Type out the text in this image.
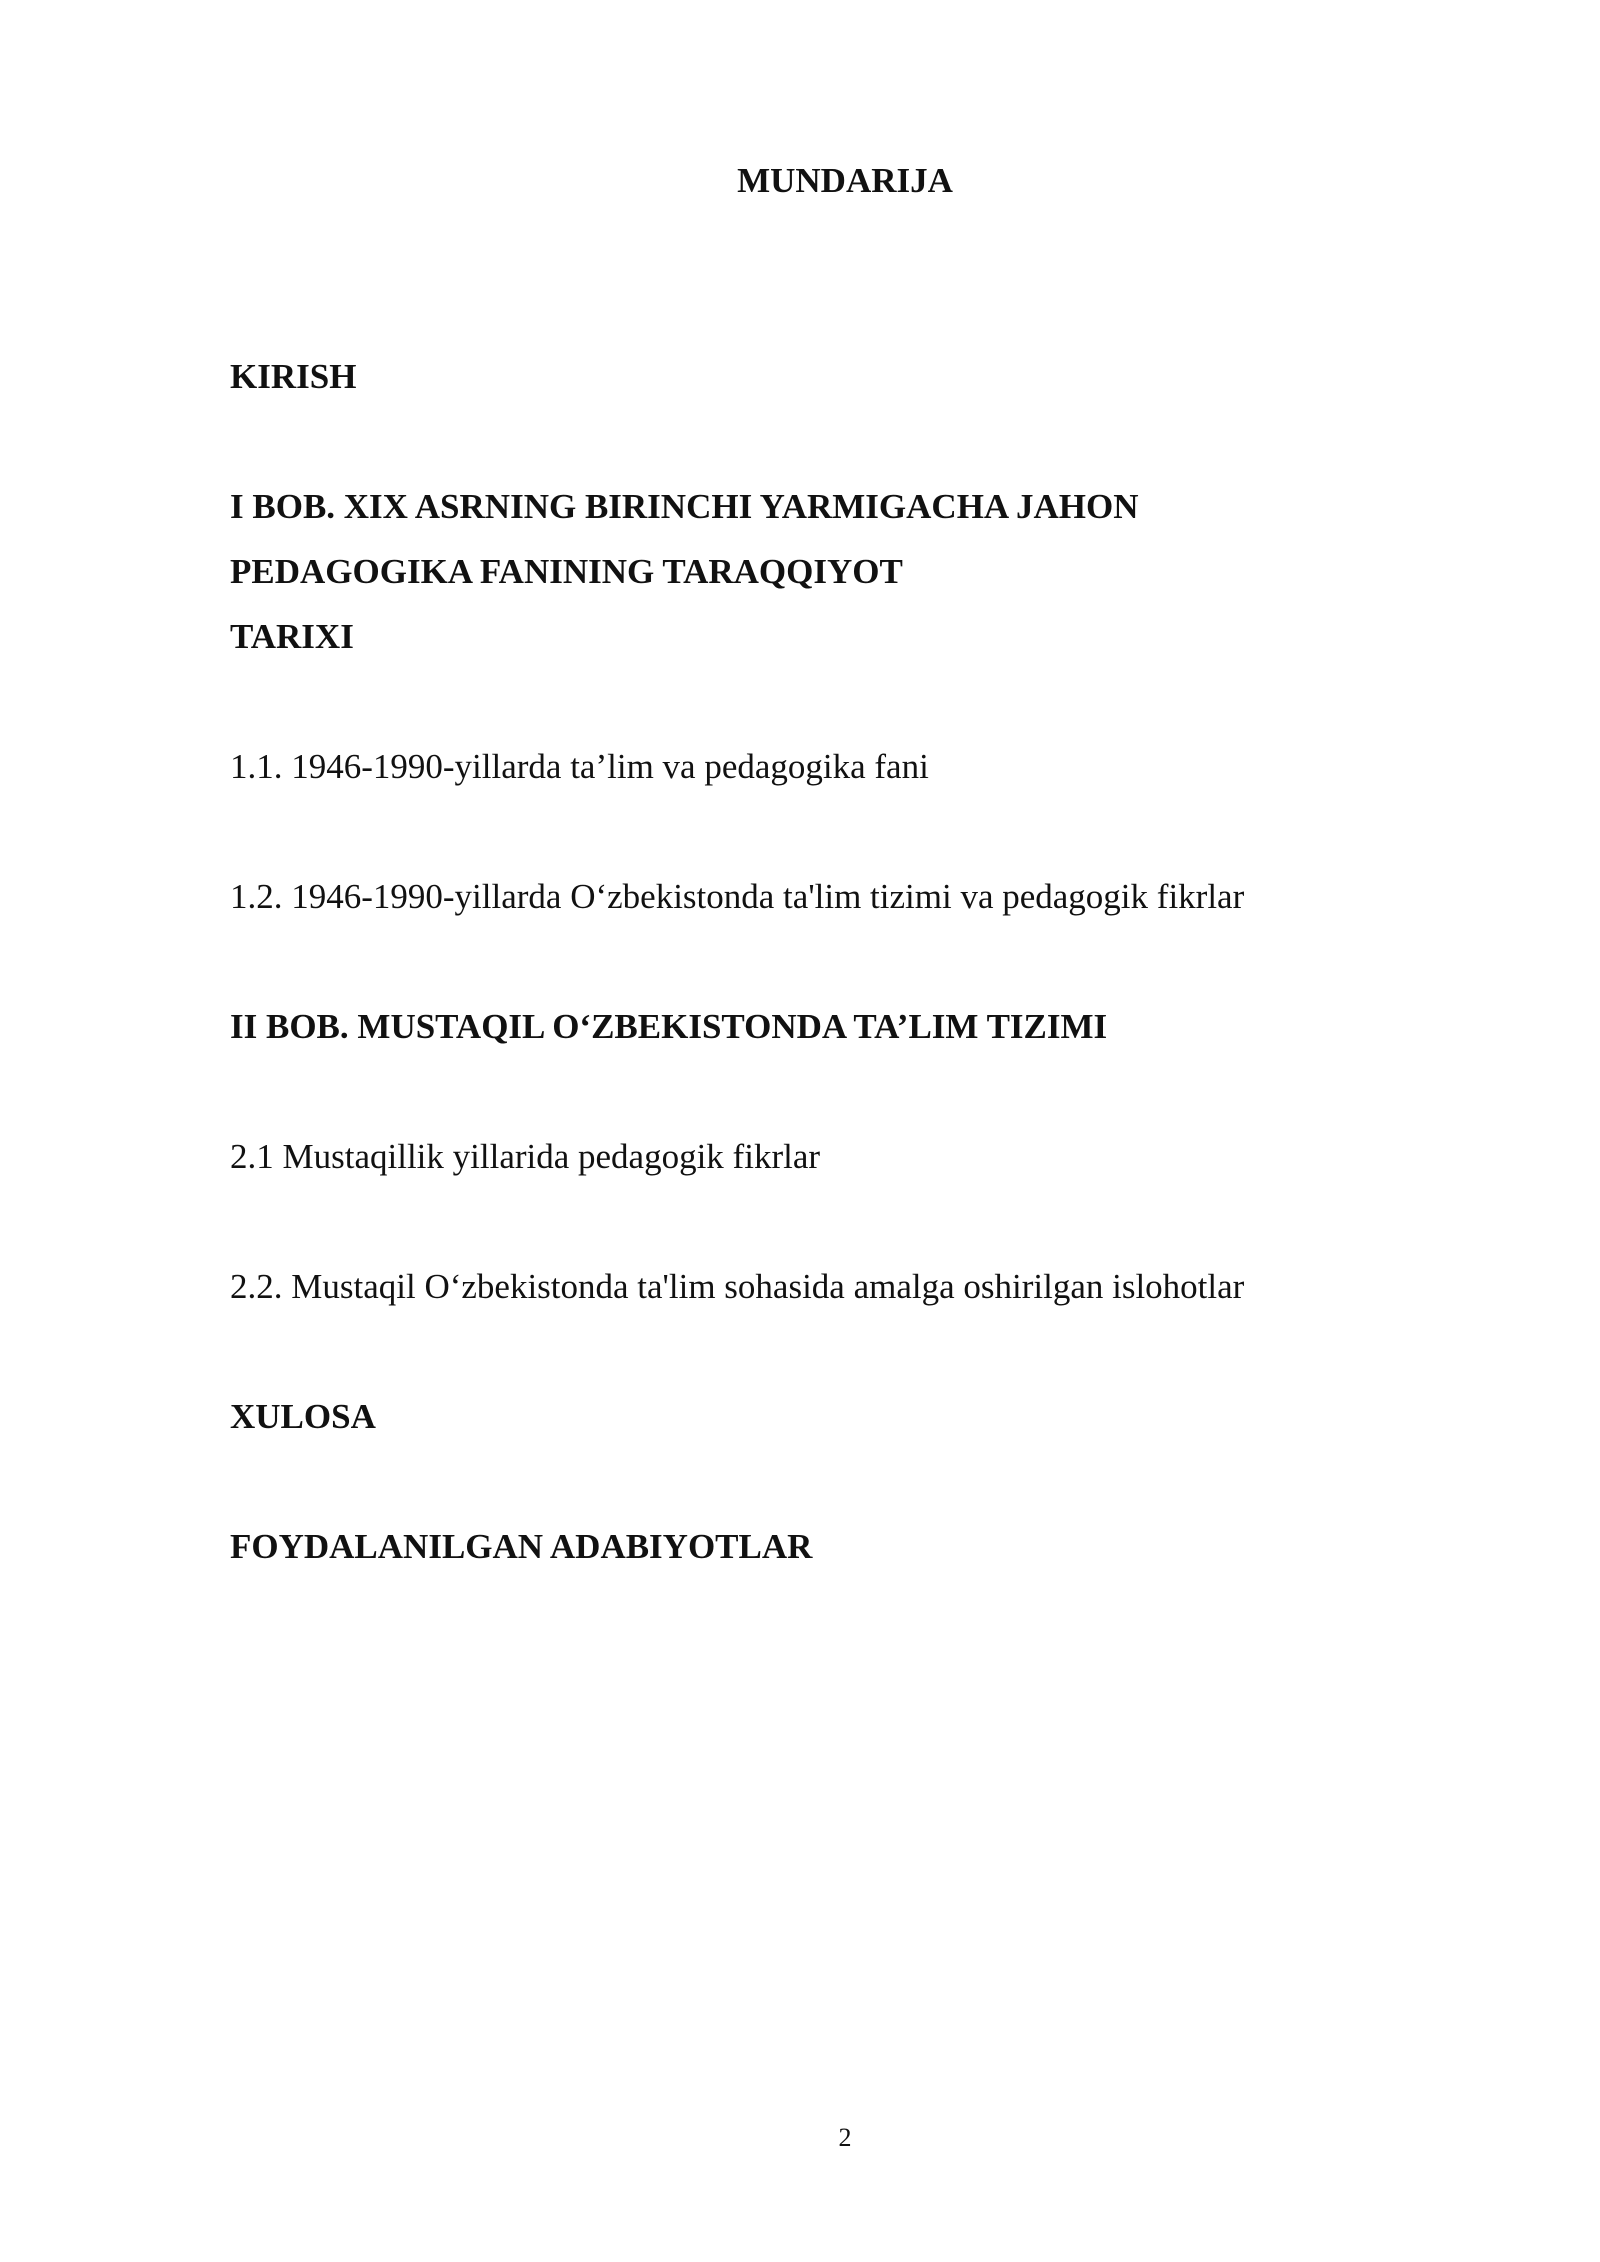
MUNDARIJA
KIRISH
I BOB. XIX ASRNING BIRINCHI YARMIGACHA JAHON
PEDAGOGIKA FANINING TARAQQIYOT
TARIXI
1.1. 1946-1990-yillarda ta’lim va pedagogika fani
1.2. 1946-1990-yillarda O‘zbekistonda ta'lim tizimi va pedagogik fikrlar
II BOB. MUSTAQIL O‘ZBEKISTONDA TA’LIM TIZIMI
2.1 Mustaqillik yillarida pedagogik fikrlar
2.2. Mustaqil O‘zbekistonda ta'lim sohasida amalga oshirilgan islohotlar
XULOSA
FOYDALANILGAN ADABIYOTLAR
2
